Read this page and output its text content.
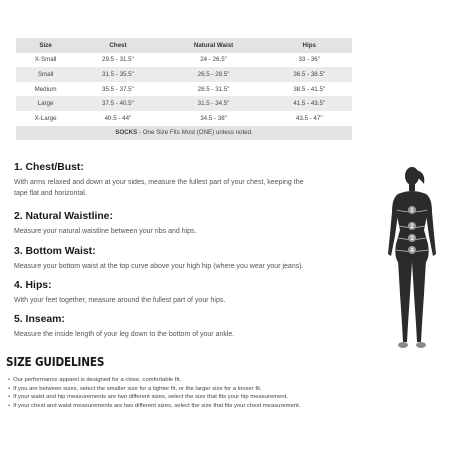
Size	Chest	Natural Waist	Hips
X-Small	29.5 - 31.5"	24 - 26.5"	33 - 36"
Small	31.5 - 35.5"	26.5 - 28.5"	36.5 - 38.5"
Medium	35.5 - 37.5"	28.5 - 31.5"	38.5 - 41.5"
Large	37.5 - 40.5"	31.5 - 34.5"	41.5 - 43.5"
X-Large	40.5 - 44"	34.5 - 38"	43.5 - 47"
SOCKS - One Size Fits Most (ONE) unless noted.			
1. Chest/Bust:
With arms relaxed and down at your sides, measure the fullest part of your chest, keeping the tape flat and horizontal.
2. Natural Waistline:
Measure your natural waistline between your ribs and hips.
3. Bottom Waist:
Measure your bottom waist at the top curve above your high hip (where you wear your jeans).
4. Hips:
With your feet together, measure around the fullest part of your hips.
5. Inseam:
Measure the inside length of your leg down to the bottom of your ankle.
1
2
3
4
SIZE GUIDELINES
• Our performance apparel is designed for a close, comfortable fit.
• If you are between sizes, select the smaller size for a tighter fit, or the larger size for a looser fit.
• If your waist and hip measurements are two different sizes, select the size that fits your hip measurement.
• If your chest and waist measurements are two different sizes, select the size that fits your chest measurement.
